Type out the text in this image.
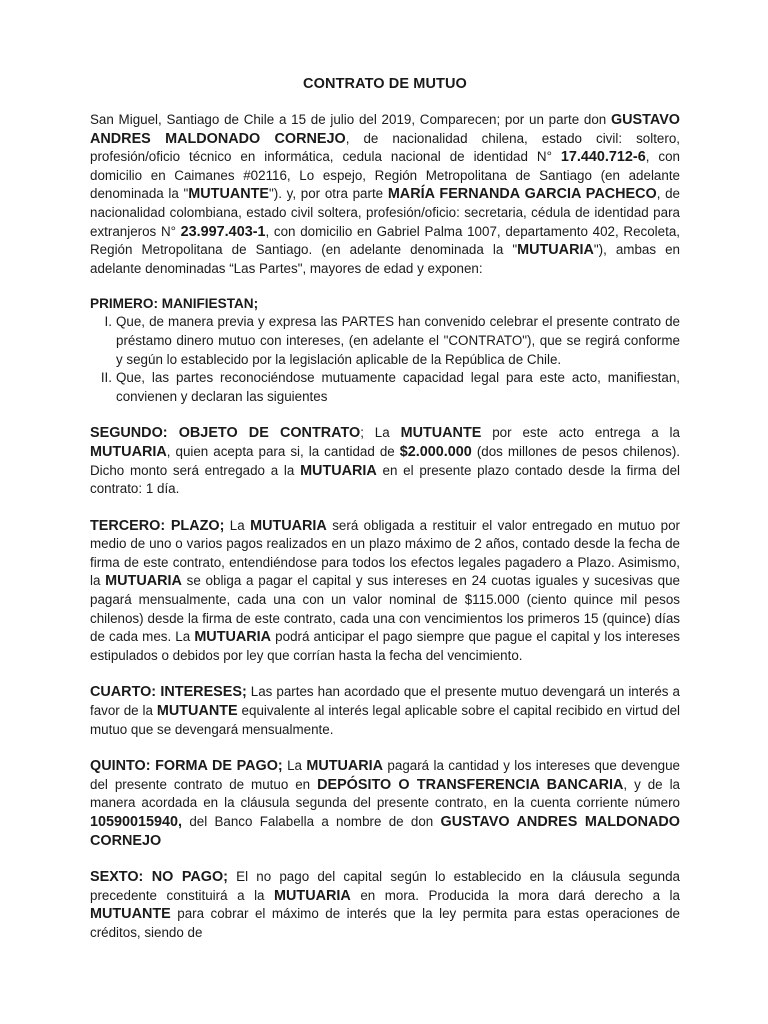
CONTRATO DE MUTUO

San Miguel, Santiago de Chile a 15 de julio del 2019, Comparecen; por un parte don GUSTAVO ANDRES MALDONADO CORNEJO, de nacionalidad chilena, estado civil: soltero, profesión/oficio técnico en informática, cedula nacional de identidad N° 17.440.712-6, con domicilio en Caimanes #02116, Lo espejo, Región Metropolitana de Santiago (en adelante denominada la "MUTUANTE"). y, por otra parte MARÍA FERNANDA GARCIA PACHECO, de nacionalidad colombiana, estado civil soltera, profesión/oficio: secretaria, cédula de identidad para extranjeros N° 23.997.403-1, con domicilio en Gabriel Palma 1007, departamento 402, Recoleta, Región Metropolitana de Santiago. (en adelante denominada la "MUTUARIA"), ambas en adelante denominadas “Las Partes", mayores de edad y exponen:

PRIMERO: MANIFIESTAN;
I. Que, de manera previa y expresa las PARTES han convenido celebrar el presente contrato de préstamo dinero mutuo con intereses, (en adelante el "CONTRATO"), que se regirá conforme y según lo establecido por la legislación aplicable de la República de Chile.
II. Que, las partes reconociéndose mutuamente capacidad legal para este acto, manifiestan, convienen y declaran las siguientes

SEGUNDO: OBJETO DE CONTRATO; La MUTUANTE por este acto entrega a la MUTUARIA, quien acepta para si, la cantidad de $2.000.000 (dos millones de pesos chilenos). Dicho monto será entregado a la MUTUARIA en el presente plazo contado desde la firma del contrato: 1 día.

TERCERO: PLAZO; La MUTUARIA será obligada a restituir el valor entregado en mutuo por medio de uno o varios pagos realizados en un plazo máximo de 2 años, contado desde la fecha de firma de este contrato, entendiéndose para todos los efectos legales pagadero a Plazo. Asimismo, la MUTUARIA se obliga a pagar el capital y sus intereses en 24 cuotas iguales y sucesivas que pagará mensualmente, cada una con un valor nominal de $115.000 (ciento quince mil pesos chilenos) desde la firma de este contrato, cada una con vencimientos los primeros 15 (quince) días de cada mes. La MUTUARIA podrá anticipar el pago siempre que pague el capital y los intereses estipulados o debidos por ley que corrían hasta la fecha del vencimiento.

CUARTO: INTERESES; Las partes han acordado que el presente mutuo devengará un interés a favor de la MUTUANTE equivalente al interés legal aplicable sobre el capital recibido en virtud del mutuo que se devengará mensualmente.

QUINTO: FORMA DE PAGO; La MUTUARIA pagará la cantidad y los intereses que devengue del presente contrato de mutuo en DEPÓSITO O TRANSFERENCIA BANCARIA, y de la manera acordada en la cláusula segunda del presente contrato, en la cuenta corriente número 10590015940, del Banco Falabella a nombre de don GUSTAVO ANDRES MALDONADO CORNEJO

SEXTO: NO PAGO; El no pago del capital según lo establecido en la cláusula segunda precedente constituirá a la MUTUARIA en mora. Producida la mora dará derecho a la MUTUANTE para cobrar el máximo de interés que la ley permita para estas operaciones de créditos, siendo de
